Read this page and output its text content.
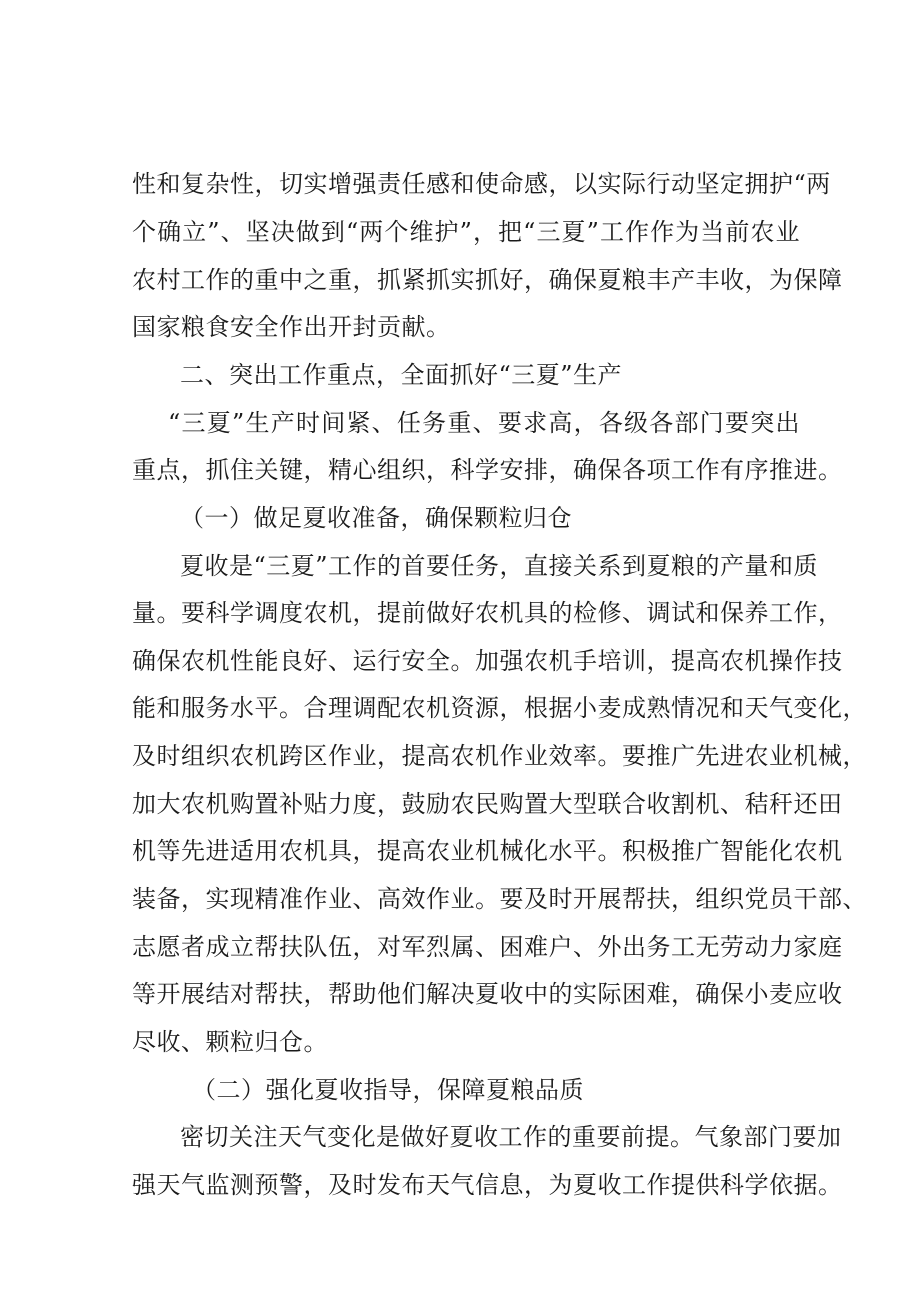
性和复杂性，切实增强责任感和使命感，以实际行动坚定拥护“两
个确立”、坚决做到“两个维护”，把“三夏”工作作为当前农业
农村工作的重中之重，抓紧抓实抓好，确保夏粮丰产丰收，为保障
国家粮食安全作出开封贡献。
二、突出工作重点，全面抓好“三夏”生产
“三夏”生产时间紧、任务重、要求高，各级各部门要突出
重点，抓住关键，精心组织，科学安排，确保各项工作有序推进。
（一）做足夏收准备，确保颗粒归仓
夏收是“三夏”工作的首要任务，直接关系到夏粮的产量和质
量。要科学调度农机，提前做好农机具的检修、调试和保养工作，
确保农机性能良好、运行安全。加强农机手培训，提高农机操作技
能和服务水平。合理调配农机资源，根据小麦成熟情况和天气变化，
及时组织农机跨区作业，提高农机作业效率。要推广先进农业机械，
加大农机购置补贴力度，鼓励农民购置大型联合收割机、秸秆还田
机等先进适用农机具，提高农业机械化水平。积极推广智能化农机
装备，实现精准作业、高效作业。要及时开展帮扶，组织党员干部、
志愿者成立帮扶队伍，对军烈属、困难户、外出务工无劳动力家庭
等开展结对帮扶，帮助他们解决夏收中的实际困难，确保小麦应收
尽收、颗粒归仓。
（二）强化夏收指导，保障夏粮品质
密切关注天气变化是做好夏收工作的重要前提。气象部门要加
强天气监测预警，及时发布天气信息，为夏收工作提供科学依据。
